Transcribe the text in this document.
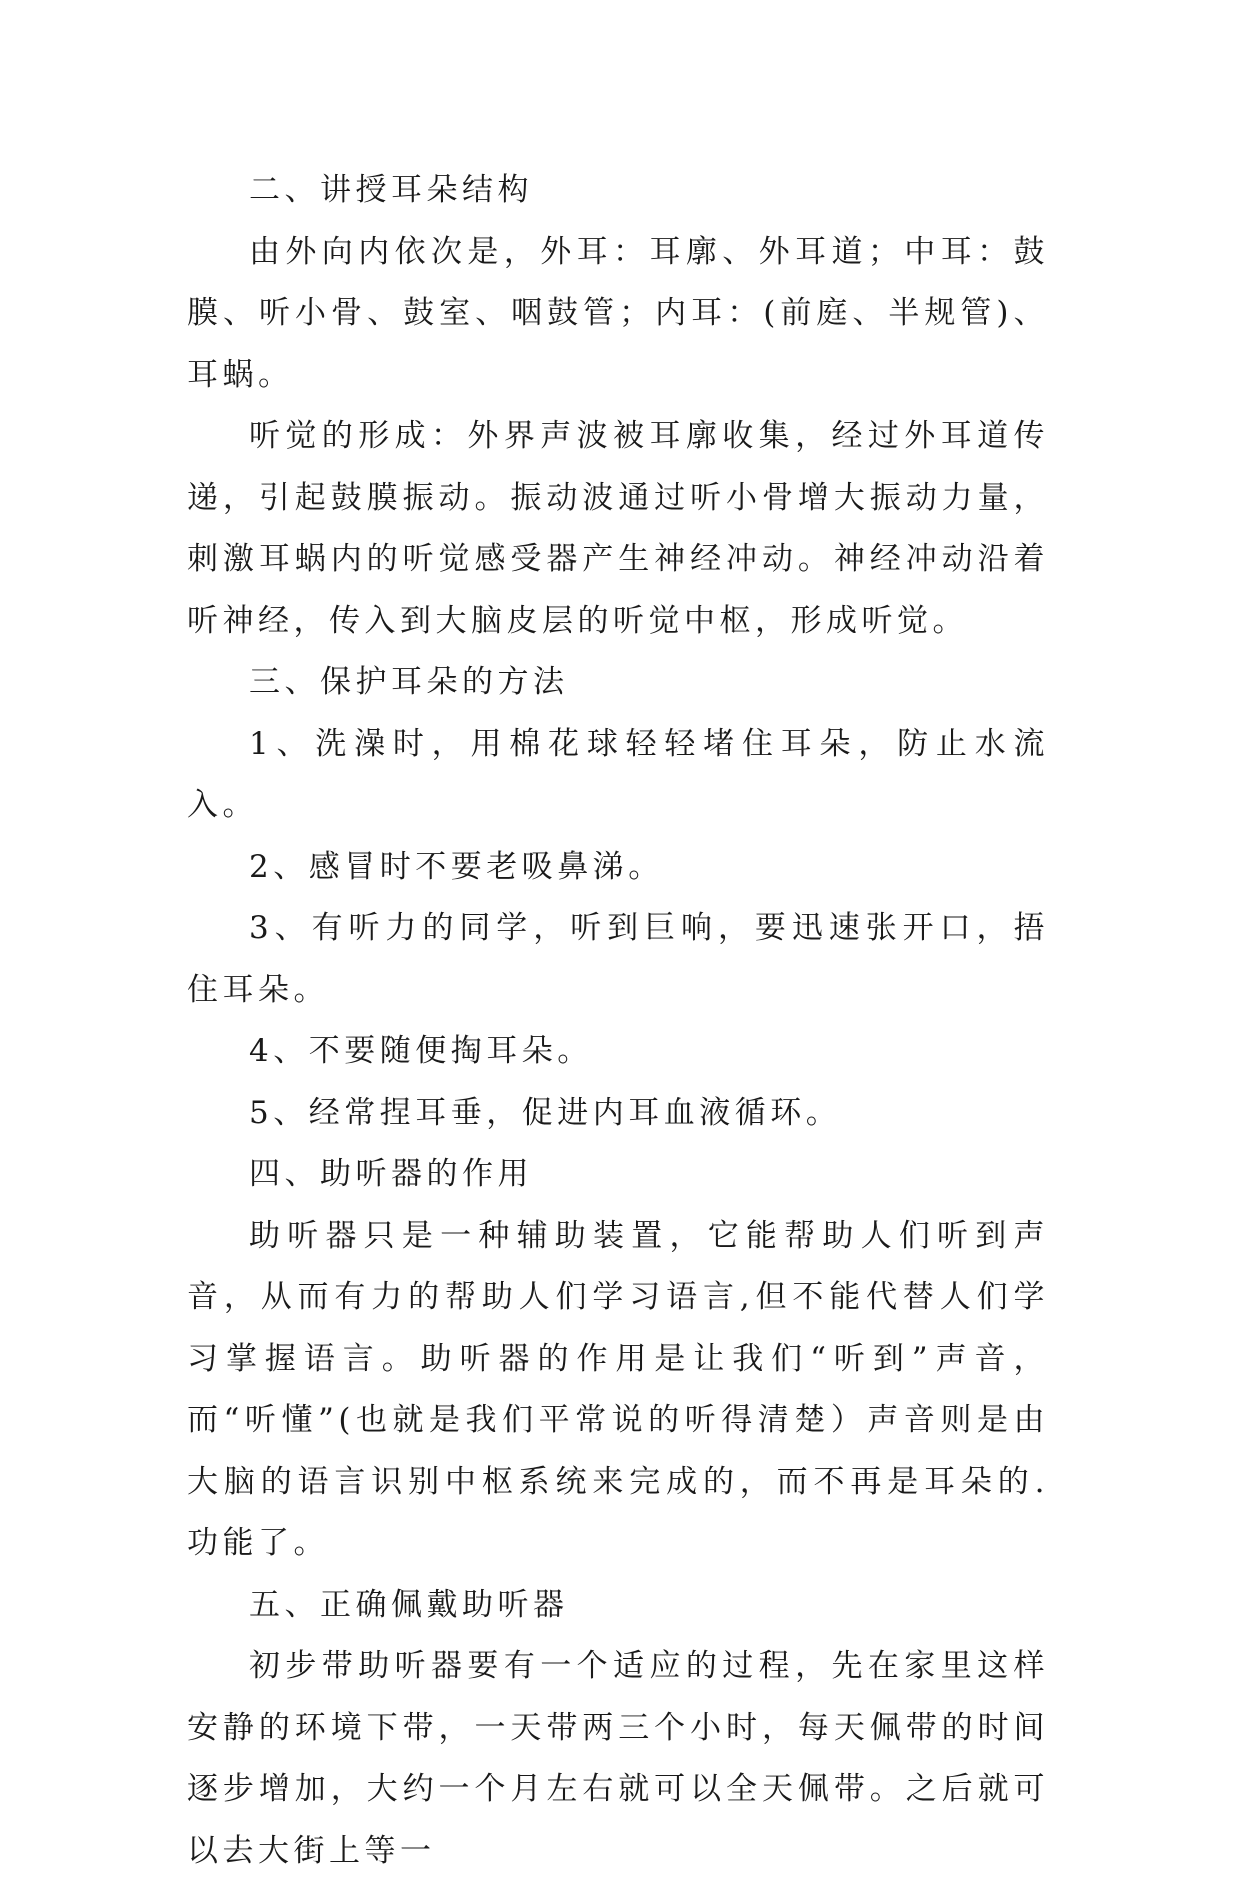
二、讲授耳朵结构

由外向内依次是，外耳：耳廓、外耳道；中耳：鼓膜、听小骨、鼓室、咽鼓管；内耳：(前庭、半规管)、耳蜗。

听觉的形成：外界声波被耳廓收集，经过外耳道传递，引起鼓膜振动。振动波通过听小骨增大振动力量，刺激耳蜗内的听觉感受器产生神经冲动。神经冲动沿着听神经，传入到大脑皮层的听觉中枢，形成听觉。

三、保护耳朵的方法

1、洗澡时，用棉花球轻轻堵住耳朵，防止水流入。

2、感冒时不要老吸鼻涕。

3、有听力的同学，听到巨响，要迅速张开口，捂住耳朵。

4、不要随便掏耳朵。

5、经常捏耳垂，促进内耳血液循环。

四、助听器的作用

助听器只是一种辅助装置，它能帮助人们听到声音，从而有力的帮助人们学习语言,但不能代替人们学习掌握语言。助听器的作用是让我们“听到”声音，而“听懂”(也就是我们平常说的听得清楚）声音则是由大脑的语言识别中枢系统来完成的，而不再是耳朵的.功能了。

五、正确佩戴助听器

初步带助听器要有一个适应的过程，先在家里这样安静的环境下带，一天带两三个小时，每天佩带的时间逐步增加，大约一个月左右就可以全天佩带。之后就可以去大街上等一
